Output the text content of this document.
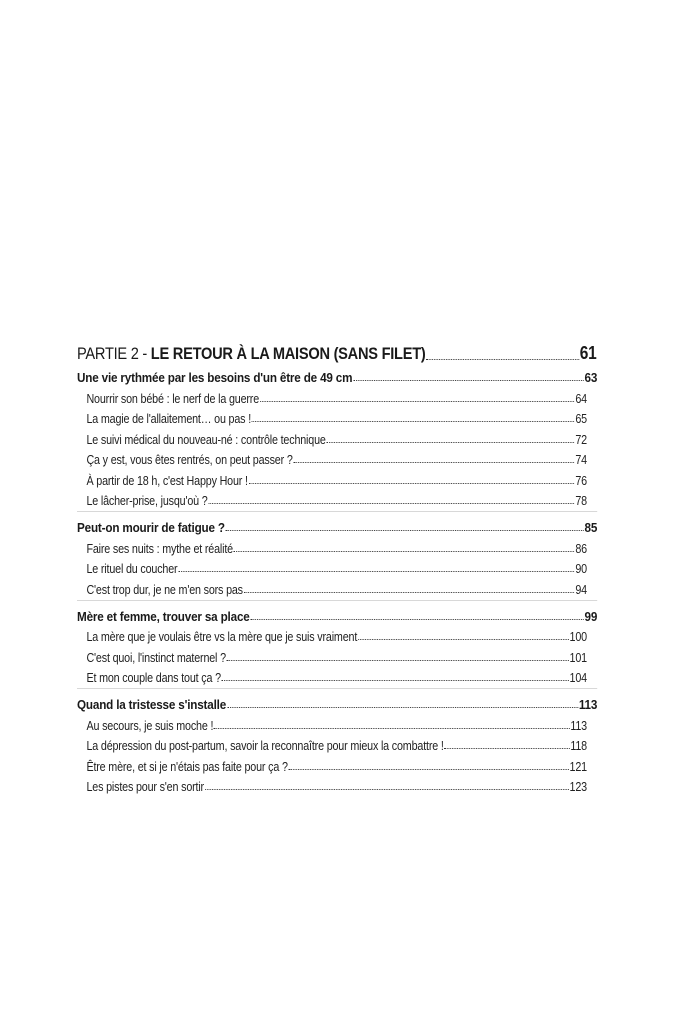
PARTIE 2 - LE RETOUR À LA MAISON (SANS FILET)	61
Une vie rythmée par les besoins d'un être de 49 cm	63
Nourrir son bébé : le nerf de la guerre	64
La magie de l'allaitement… ou pas !	65
Le suivi médical du nouveau-né : contrôle technique	72
Ça y est, vous êtes rentrés, on peut passer ?	74
À partir de 18 h, c'est Happy Hour !	76
Le lâcher-prise, jusqu'où ?	78
Peut-on mourir de fatigue ?	85
Faire ses nuits : mythe et réalité	86
Le rituel du coucher	90
C'est trop dur, je ne m'en sors pas	94
Mère et femme, trouver sa place	99
La mère que je voulais être vs la mère que je suis vraiment	100
C'est quoi, l'instinct maternel ?	101
Et mon couple dans tout ça ?	104
Quand la tristesse s'installe	113
Au secours, je suis moche !	113
La dépression du post-partum, savoir la reconnaître pour mieux la combattre !	118
Être mère, et si je n'étais pas faite pour ça ?	121
Les pistes pour s'en sortir	123
